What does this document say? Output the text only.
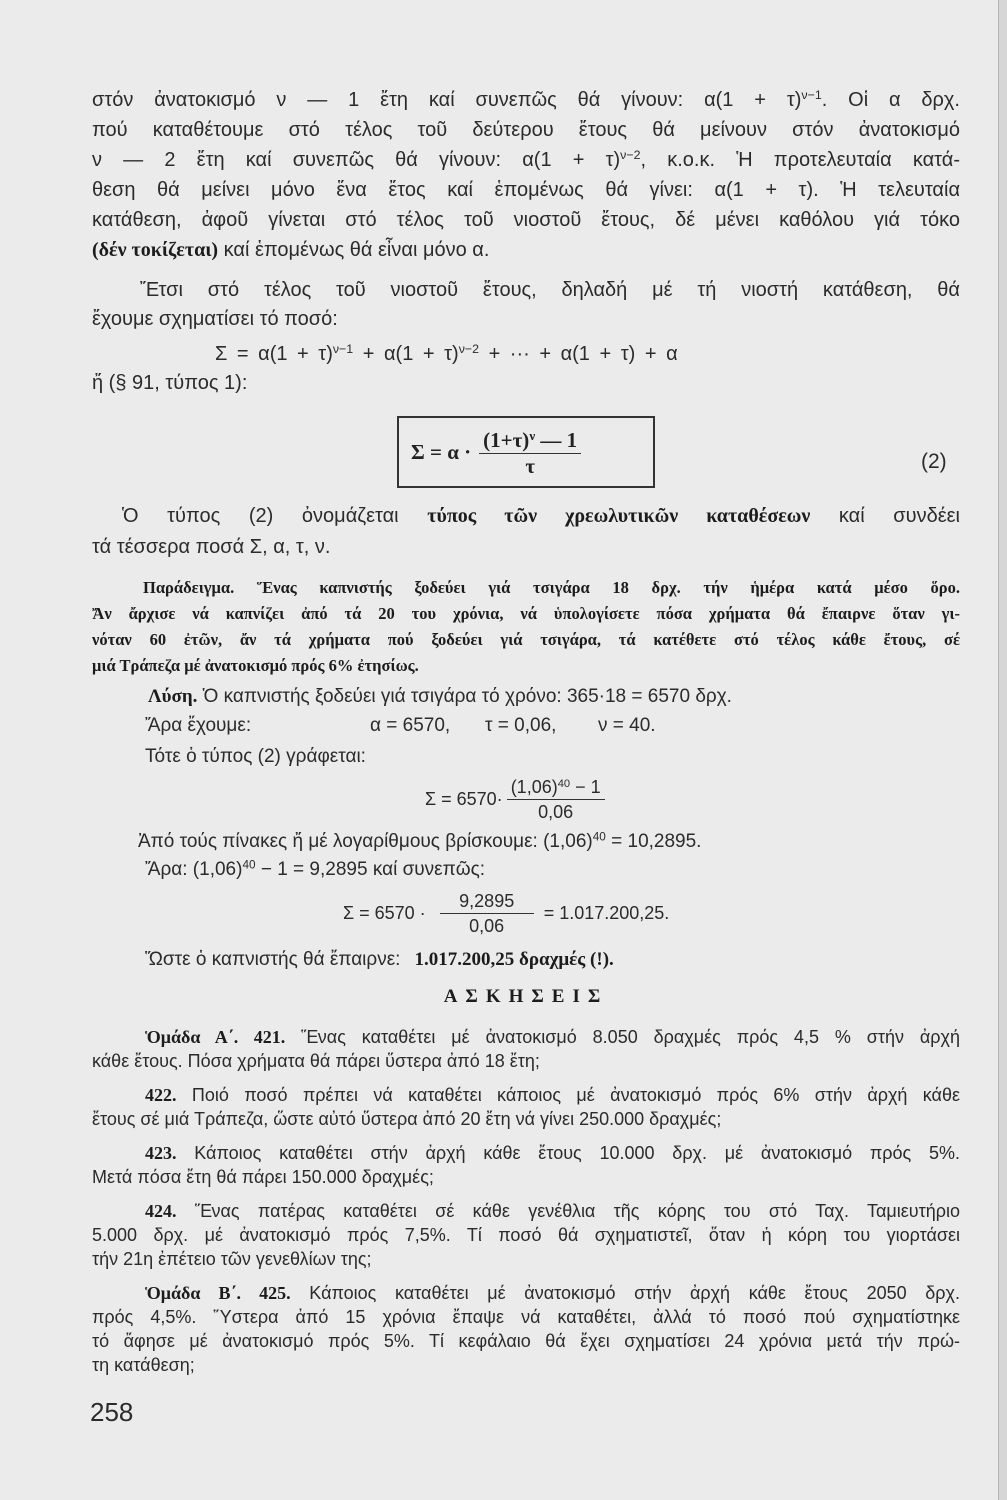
στόν ἀνατοκισμό ν — 1 ἔτη καί συνεπῶς θά γίνουν: $\alpha(1 + \tau)^{\nu-1}$. Οἱ α δρχ.
πού καταθέτουμε στό τέλος τοῦ δεύτερου ἔτους θά μείνουν στόν ἀνατοκισμό
ν — 2 ἔτη καί συνεπῶς θά γίνουν: $\alpha(1 + \tau)^{\nu-2}$, κ.ο.κ. Ἡ προτελευταία κατά-
θεση θά μείνει μόνο ἕνα ἔτος καί ἑπομένως θά γίνει: α(1 + τ). Ἡ τελευταία
κατάθεση, ἀφοῦ γίνεται στό τέλος τοῦ νιοστοῦ ἔτους, δέ μένει καθόλου γιά τόκο
(δέν τοκίζεται) καί ἑπομένως θά εἶναι μόνο α.
Ἔτσι στό τέλος τοῦ νιοστοῦ ἔτους, δηλαδή μέ τή νιοστή κατάθεση, θά
ἔχουμε σχηματίσει τό ποσό:
$\Sigma = \alpha(1 + \tau)^{\nu-1} + \alpha(1 + \tau)^{\nu-2}$ + ··· + α(1 + τ) + α
ἤ (§ 91, τύπος 1):
$\Sigma = \alpha \cdot \frac{(1+\tau)^\nu — 1}{\tau}$	(2)
Ὁ τύπος (2) ὀνομάζεται τύπος τῶν χρεωλυτικῶν καταθέσεων καί συνδέει
τά τέσσερα ποσά Σ, α, τ, ν.
Παράδειγμα. Ἕνας καπνιστής ξοδεύει γιά τσιγάρα 18 δρχ. τήν ἡμέρα κατά μέσο ὅρο.
Ἄν ἄρχισε νά καπνίζει ἀπό τά 20 του χρόνια, νά ὑπολογίσετε πόσα χρήματα θά ἔπαιρνε ὅταν γι-
νόταν 60 ἐτῶν, ἄν τά χρήματα πού ξοδεύει γιά τσιγάρα, τά κατέθετε στό τέλος κάθε ἔτους, σέ
μιά Τράπεζα μέ ἀνατοκισμό πρός 6% ἐτησίως.
Λύση. Ὁ καπνιστής ξοδεύει γιά τσιγάρα τό χρόνο: 365·18 = 6570 δρχ.
Ἄρα ἔχουμε:	α = 6570, τ = 0,06, ν = 40.
Τότε ὁ τύπος (2) γράφεται:
$\Sigma = 6570\cdot \frac{(1,06)^{40} - 1}{0,06}$
Ἀπό τούς πίνακες ἤ μέ λογαρίθμους βρίσκουμε: $(1,06)^{40} = 10,2895$.
Ἄρα: $(1,06)^{40} - 1 = 9,2895$ καί συνεπῶς:
$\Sigma = 6570 \cdot \frac{9,2895}{0,06} = 1.017.200,25$.
Ὥστε ὁ καπνιστής θά ἔπαιρνε: 1.017.200,25 δραχμές (!).
ΑΣΚΗΣΕΙΣ
Ὁμάδα Α΄. 421. Ἕνας καταθέτει μέ ἀνατοκισμό 8.050 δραχμές πρός 4,5 % στήν ἀρχή
κάθε ἔτους. Πόσα χρήματα θά πάρει ὕστερα ἀπό 18 ἔτη;
422. Ποιό ποσό πρέπει νά καταθέτει κάποιος μέ ἀνατοκισμό πρός 6% στήν ἀρχή κάθε
ἔτους σέ μιά Τράπεζα, ὥστε αὐτό ὕστερα ἀπό 20 ἔτη νά γίνει 250.000 δραχμές;
423. Κάποιος καταθέτει στήν ἀρχή κάθε ἔτους 10.000 δρχ. μέ ἀνατοκισμό πρός 5%.
Μετά πόσα ἔτη θά πάρει 150.000 δραχμές;
424. Ἕνας πατέρας καταθέτει σέ κάθε γενέθλια τῆς κόρης του στό Ταχ. Ταμιευτήριο
5.000 δρχ. μέ ἀνατοκισμό πρός 7,5%. Τί ποσό θά σχηματιστεῖ, ὅταν ἡ κόρη του γιορτάσει
τήν 21η ἐπέτειο τῶν γενεθλίων της;
Ὁμάδα Β΄. 425. Κάποιος καταθέτει μέ ἀνατοκισμό στήν ἀρχή κάθε ἔτους 2050 δρχ.
πρός 4,5%. Ὕστερα ἀπό 15 χρόνια ἔπαψε νά καταθέτει, ἀλλά τό ποσό πού σχηματίστηκε
τό ἄφησε μέ ἀνατοκισμό πρός 5%. Τί κεφάλαιο θά ἔχει σχηματίσει 24 χρόνια μετά τήν πρώ-
τη κατάθεση;
258
